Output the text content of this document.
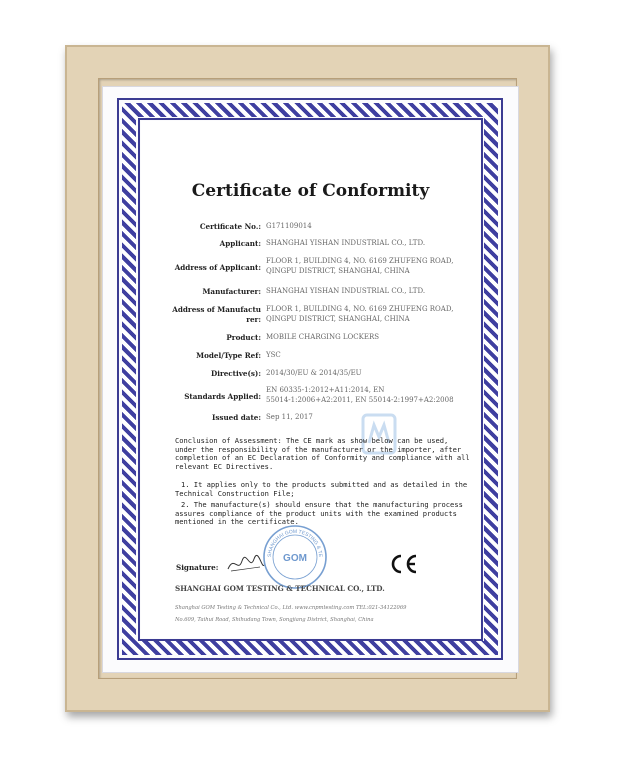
Certificate of Conformity
Certificate No.: G171109014
Applicant: SHANGHAI YISHAN INDUSTRIAL CO., LTD.
Address of Applicant:
FLOOR 1, BUILDING 4, NO. 6169 ZHUFENG ROAD,
QINGPU DISTRICT, SHANGHAI, CHINA
Manufacturer: SHANGHAI YISHAN INDUSTRIAL CO., LTD.
Address of Manufactu
rer:
FLOOR 1, BUILDING 4, NO. 6169 ZHUFENG ROAD,
QINGPU DISTRICT, SHANGHAI, CHINA
Product: MOBILE CHARGING LOCKERS
Model/Type Ref: YSC
Directive(s): 2014/30/EU & 2014/35/EU
Standards Applied:
EN 60335-1:2012+A11:2014, EN
55014-1:2006+A2:2011, EN 55014-2:1997+A2:2008
Issued date: Sep 11, 2017
Conclusion of Assessment: The CE mark as show below can be used, under the responsibility of the manufacturer or the importer, after completion of an EC Declaration of Conformity and compliance with all relevant EC Directives.
1. It applies only to the products submitted and as detailed in the Technical Construction File;
2. The manufacture(s) should ensure that the manufacturing process assures compliance of the product units with the examined products mentioned in the certificate.
Signature:
GOM
SHANGHAI GOM TESTING & TE
SHANGHAI GOM TESTING & TECHNICAL CO., LTD.
Shanghai GOM Testing & Technical Co., Ltd. www.cnpmtesting.com TEL:021-34122069
No.609, Taihui Road, Shihudang Town, Songjiang District, Shanghai, China
